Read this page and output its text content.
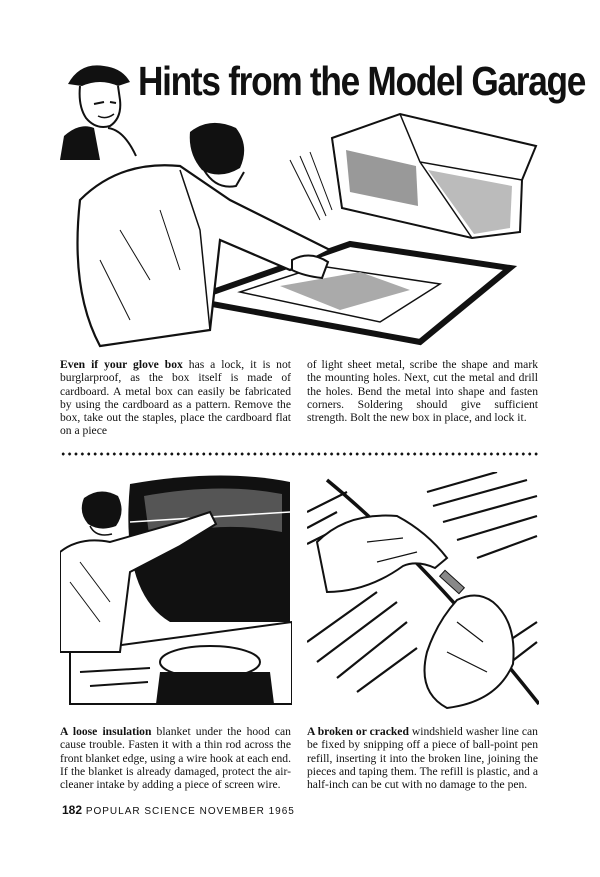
Hints from the Model Garage
Even if your glove box has a lock, it is not burglarproof, as the box itself is made of cardboard. A metal box can easily be fabricated by using the cardboard as a pattern. Remove the box, take out the staples, place the cardboard flat on a piece
of light sheet metal, scribe the shape and mark the mounting holes. Next, cut the metal and drill the holes. Bend the metal into shape and fasten corners. Soldering should give sufficient strength. Bolt the new box in place, and lock it.
A loose insulation blanket under the hood can cause trouble. Fasten it with a thin rod across the front blanket edge, using a wire hook at each end. If the blanket is already damaged, protect the air-cleaner intake by adding a piece of screen wire.
A broken or cracked windshield washer line can be fixed by snipping off a piece of ball-point pen refill, inserting it into the broken line, joining the pieces and taping them. The refill is plastic, and a half-inch can be cut with no damage to the pen.
182 POPULAR SCIENCE NOVEMBER 1965
